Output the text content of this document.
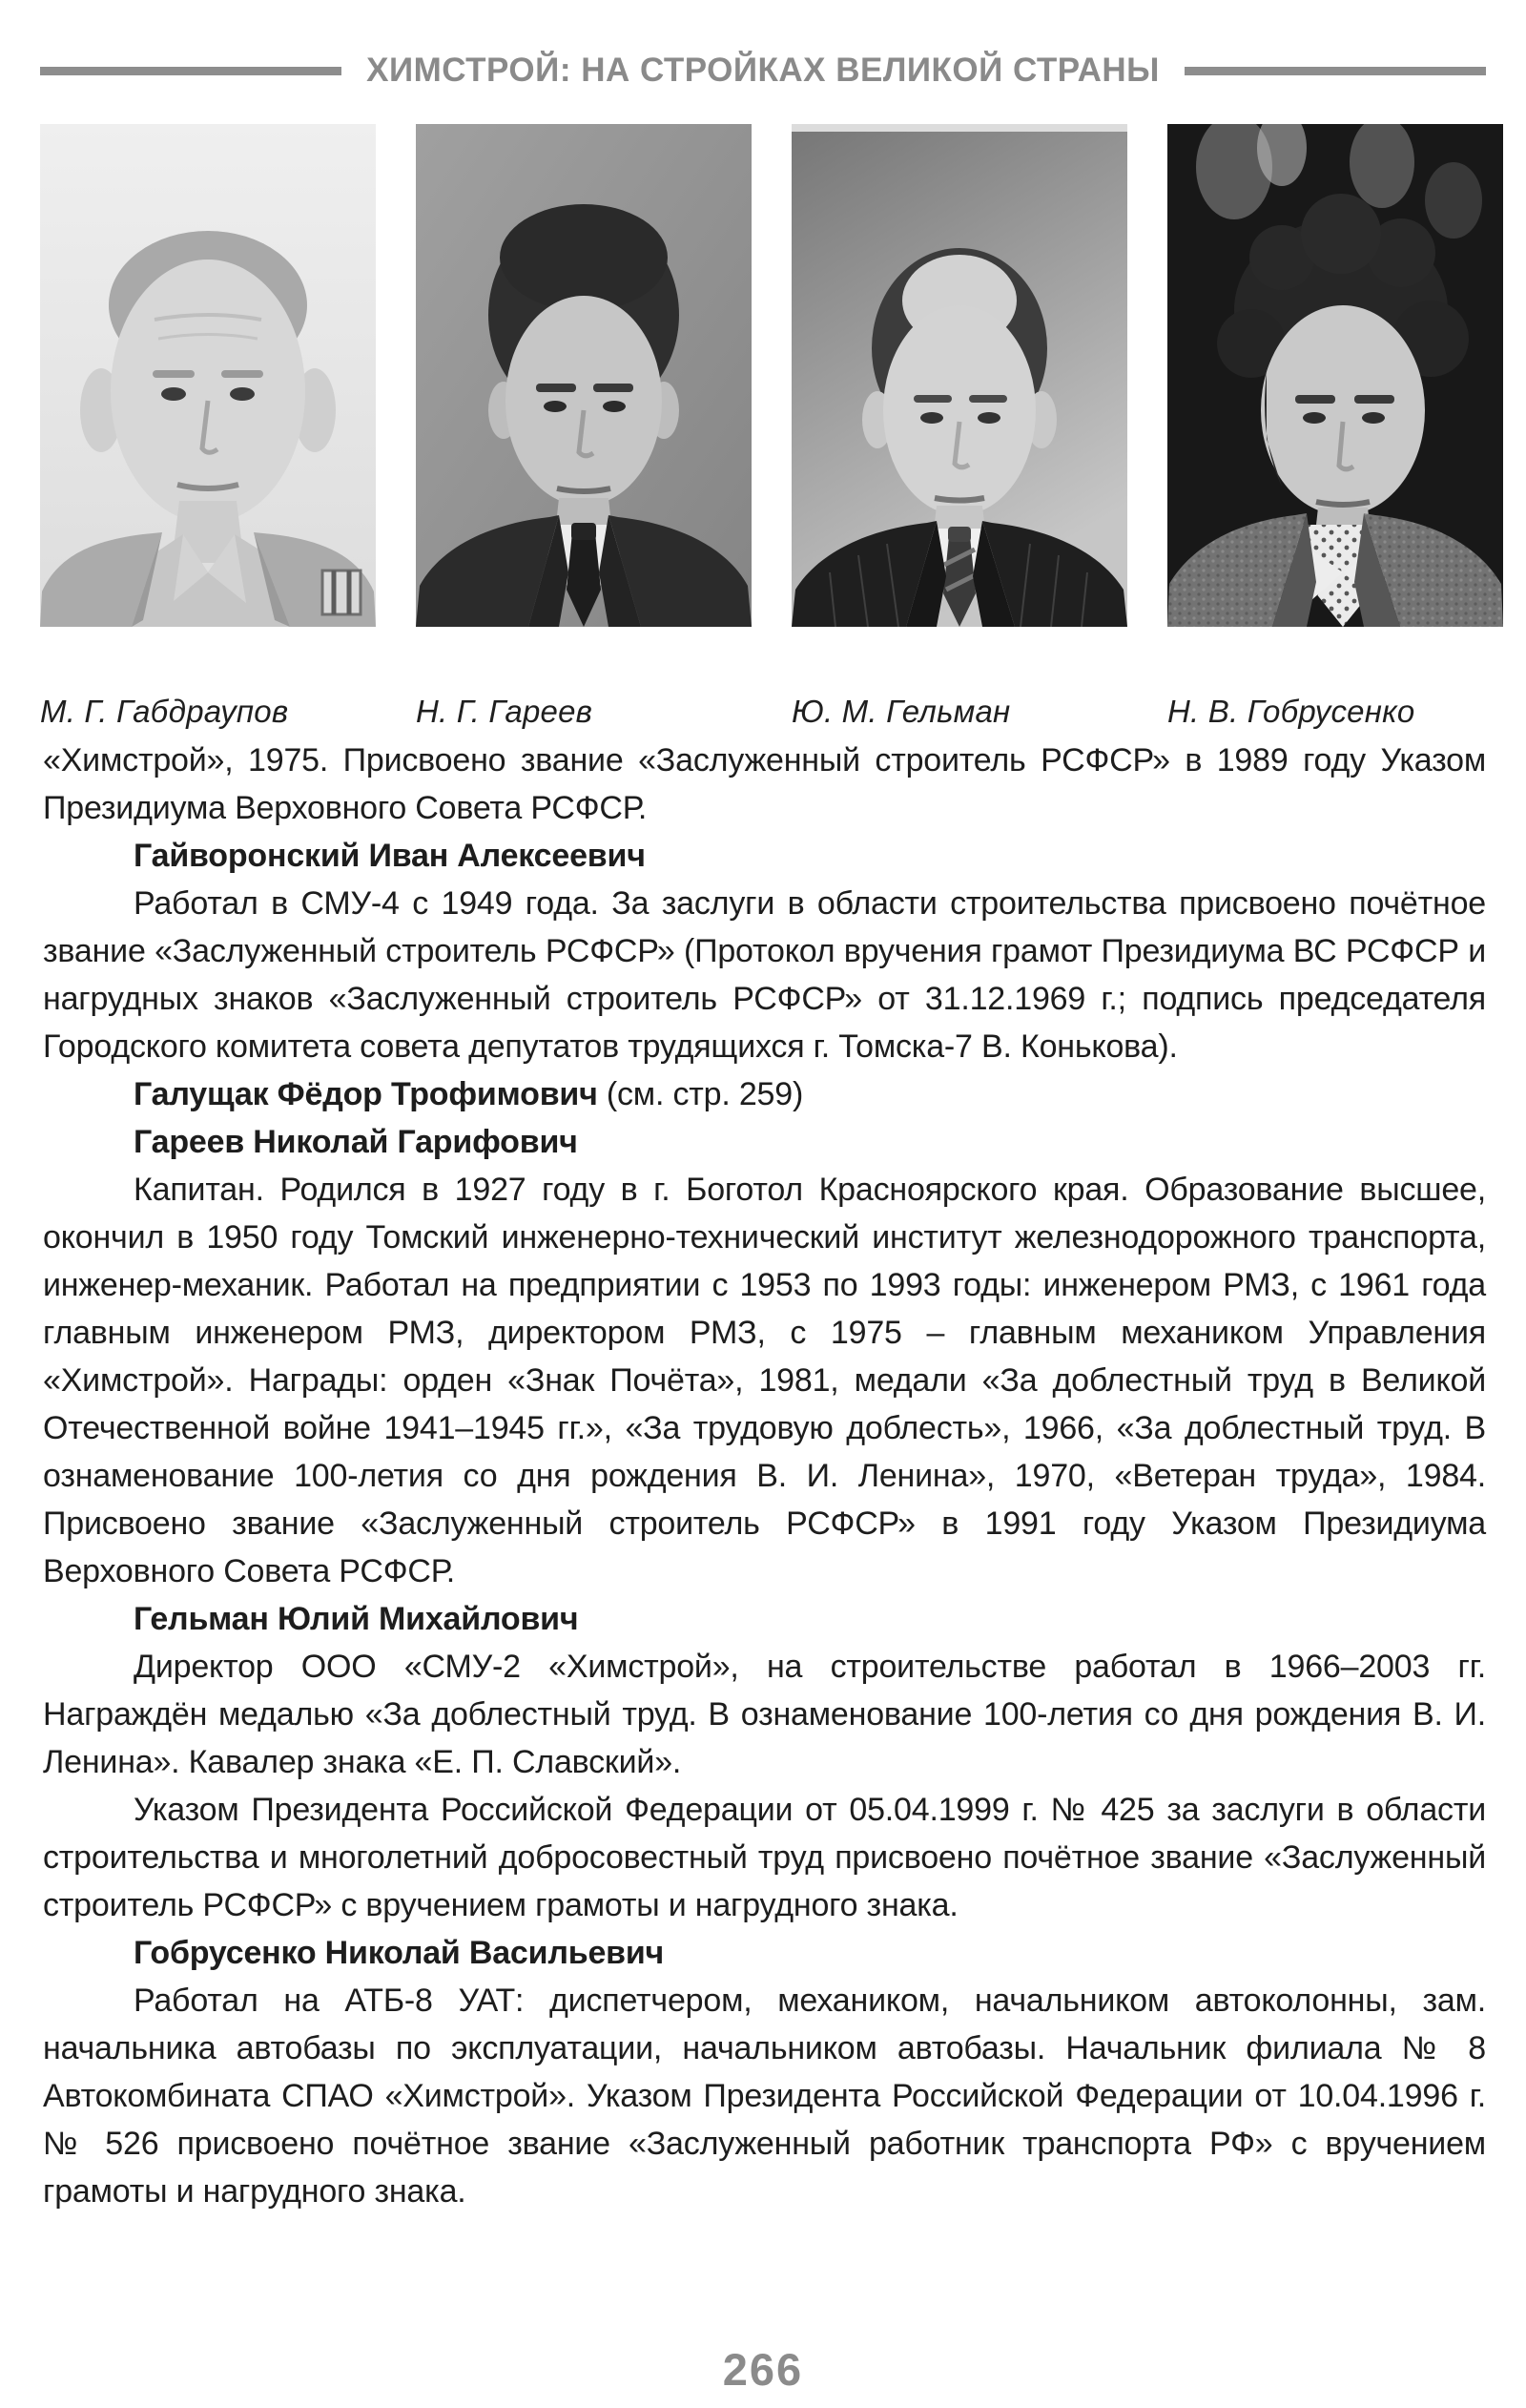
ХИМСТРОЙ: НА СТРОЙКАХ ВЕЛИКОЙ СТРАНЫ
М. Г. Габдраупов	Н. Г. Гареев	Ю. М. Гельман	Н. В. Гобрусенко

«Химстрой», 1975. Присвоено звание «Заслуженный строитель РСФСР» в 1989 году Указом Президиума Верховного Совета РСФСР.

Гайворонский Иван Алексеевич

Работал в СМУ-4 с 1949 года. За заслуги в области строительства присвоено почётное звание «Заслуженный строитель РСФСР» (Протокол вручения грамот Президиума ВС РСФСР и нагрудных знаков «Заслуженный строитель РСФСР» от 31.12.1969 г.; подпись председателя Городского комитета совета депутатов трудящихся г. Томска-7 В. Конькова).

Галущак Фёдор Трофимович (см. стр. 259)

Гареев Николай Гарифович

Капитан. Родился в 1927 году в г. Боготол Красноярского края. Образование высшее, окончил в 1950 году Томский инженерно-технический институт железнодорожного транспорта, инженер-механик. Работал на предприятии с 1953 по 1993 годы: инженером РМЗ, с 1961 года главным инженером РМЗ, директором РМЗ, с 1975 – главным механиком Управления «Химстрой». Награды: орден «Знак Почёта», 1981, медали «За доблестный труд в Великой Отечественной войне 1941–1945 гг.», «За трудовую доблесть», 1966, «За доблестный труд. В ознаменование 100-летия со дня рождения В. И. Ленина», 1970, «Ветеран труда», 1984. Присвоено звание «Заслуженный строитель РСФСР» в 1991 году Указом Президиума Верховного Совета РСФСР.

Гельман Юлий Михайлович

Директор ООО «СМУ-2 «Химстрой», на строительстве работал в 1966–2003 гг. Награждён медалью «За доблестный труд. В ознаменование 100-летия со дня рождения В. И. Ленина». Кавалер знака «Е. П. Славский».

Указом Президента Российской Федерации от 05.04.1999 г. № 425 за заслуги в области строительства и многолетний добросовестный труд присвоено почётное звание «Заслуженный строитель РСФСР» с вручением грамоты и нагрудного знака.

Гобрусенко Николай Васильевич

Работал на АТБ-8 УАТ: диспетчером, механиком, начальником автоколонны, зам. начальника автобазы по эксплуатации, начальником автобазы. Начальник филиала № 8 Автокомбината СПАО «Химстрой». Указом Президента Российской Федерации от 10.04.1996 г. № 526 присвоено почётное звание «Заслуженный работник транспорта РФ» с вручением грамоты и нагрудного знака.

266
